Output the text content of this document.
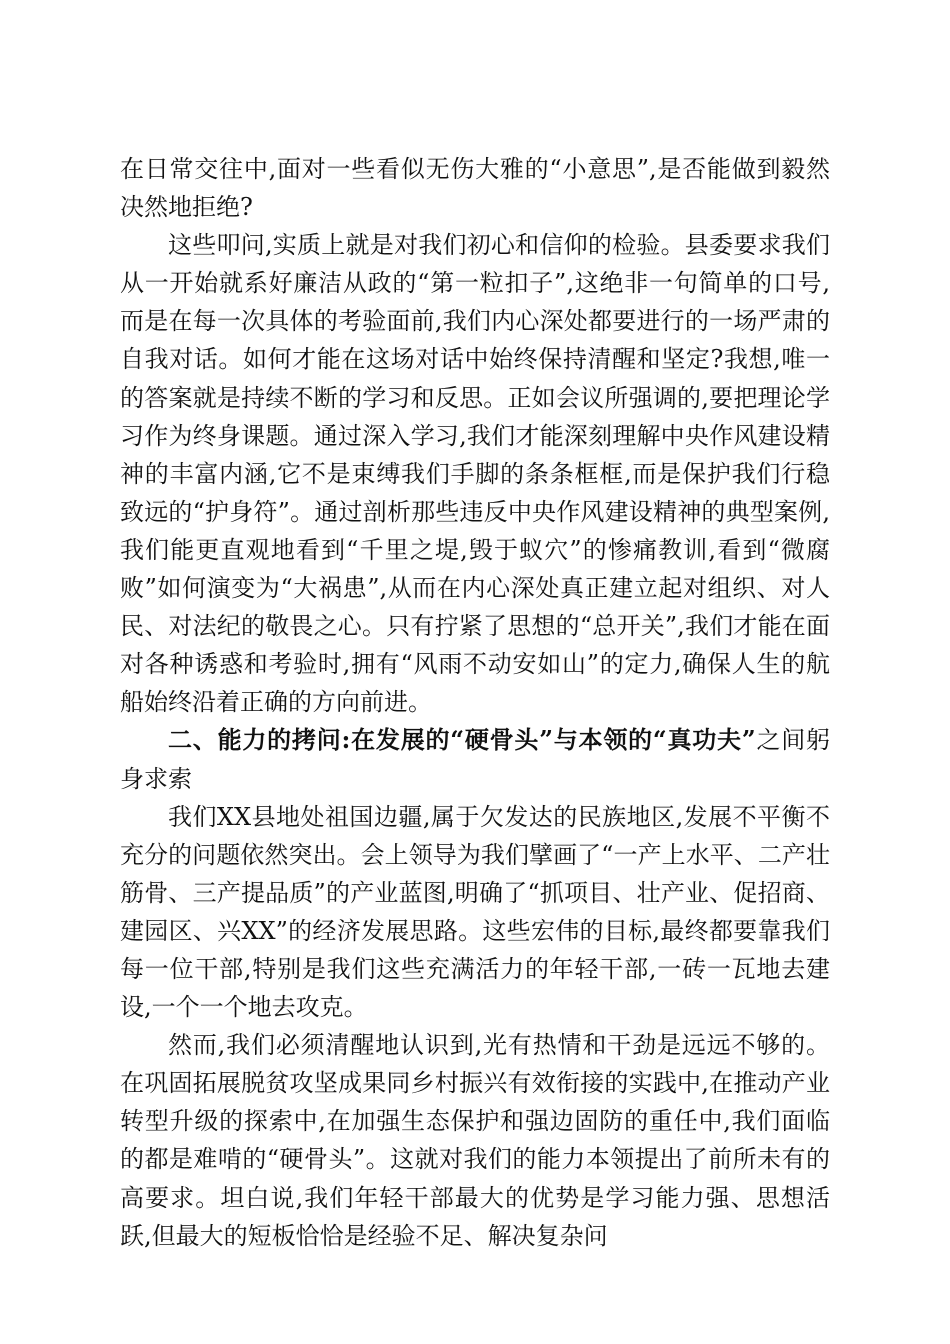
在日常交往中,面对一些看似无伤大雅的“小意思”,是否能做到毅然决然地拒绝?

这些叩问,实质上就是对我们初心和信仰的检验。县委要求我们从一开始就系好廉洁从政的“第一粒扣子”,这绝非一句简单的口号,而是在每一次具体的考验面前,我们内心深处都要进行的一场严肃的自我对话。如何才能在这场对话中始终保持清醒和坚定?我想,唯一的答案就是持续不断的学习和反思。正如会议所强调的,要把理论学习作为终身课题。通过深入学习,我们才能深刻理解中央作风建设精神的丰富内涵,它不是束缚我们手脚的条条框框,而是保护我们行稳致远的“护身符”。通过剖析那些违反中央作风建设精神的典型案例,我们能更直观地看到“千里之堤,毁于蚁穴”的惨痛教训,看到“微腐败”如何演变为“大祸患”,从而在内心深处真正建立起对组织、对人民、对法纪的敬畏之心。只有拧紧了思想的“总开关”,我们才能在面对各种诱惑和考验时,拥有“风雨不动安如山”的定力,确保人生的航船始终沿着正确的方向前进。

二、能力的拷问:在发展的“硬骨头”与本领的“真功夫”之间躬身求索

我们XX县地处祖国边疆,属于欠发达的民族地区,发展不平衡不充分的问题依然突出。会上领导为我们擘画了“一产上水平、二产壮筋骨、三产提品质”的产业蓝图,明确了“抓项目、壮产业、促招商、建园区、兴XX”的经济发展思路。这些宏伟的目标,最终都要靠我们每一位干部,特别是我们这些充满活力的年轻干部,一砖一瓦地去建设,一个一个地去攻克。

然而,我们必须清醒地认识到,光有热情和干劲是远远不够的。在巩固拓展脱贫攻坚成果同乡村振兴有效衔接的实践中,在推动产业转型升级的探索中,在加强生态保护和强边固防的重任中,我们面临的都是难啃的“硬骨头”。这就对我们的能力本领提出了前所未有的高要求。坦白说,我们年轻干部最大的优势是学习能力强、思想活跃,但最大的短板恰恰是经验不足、解决复杂问
